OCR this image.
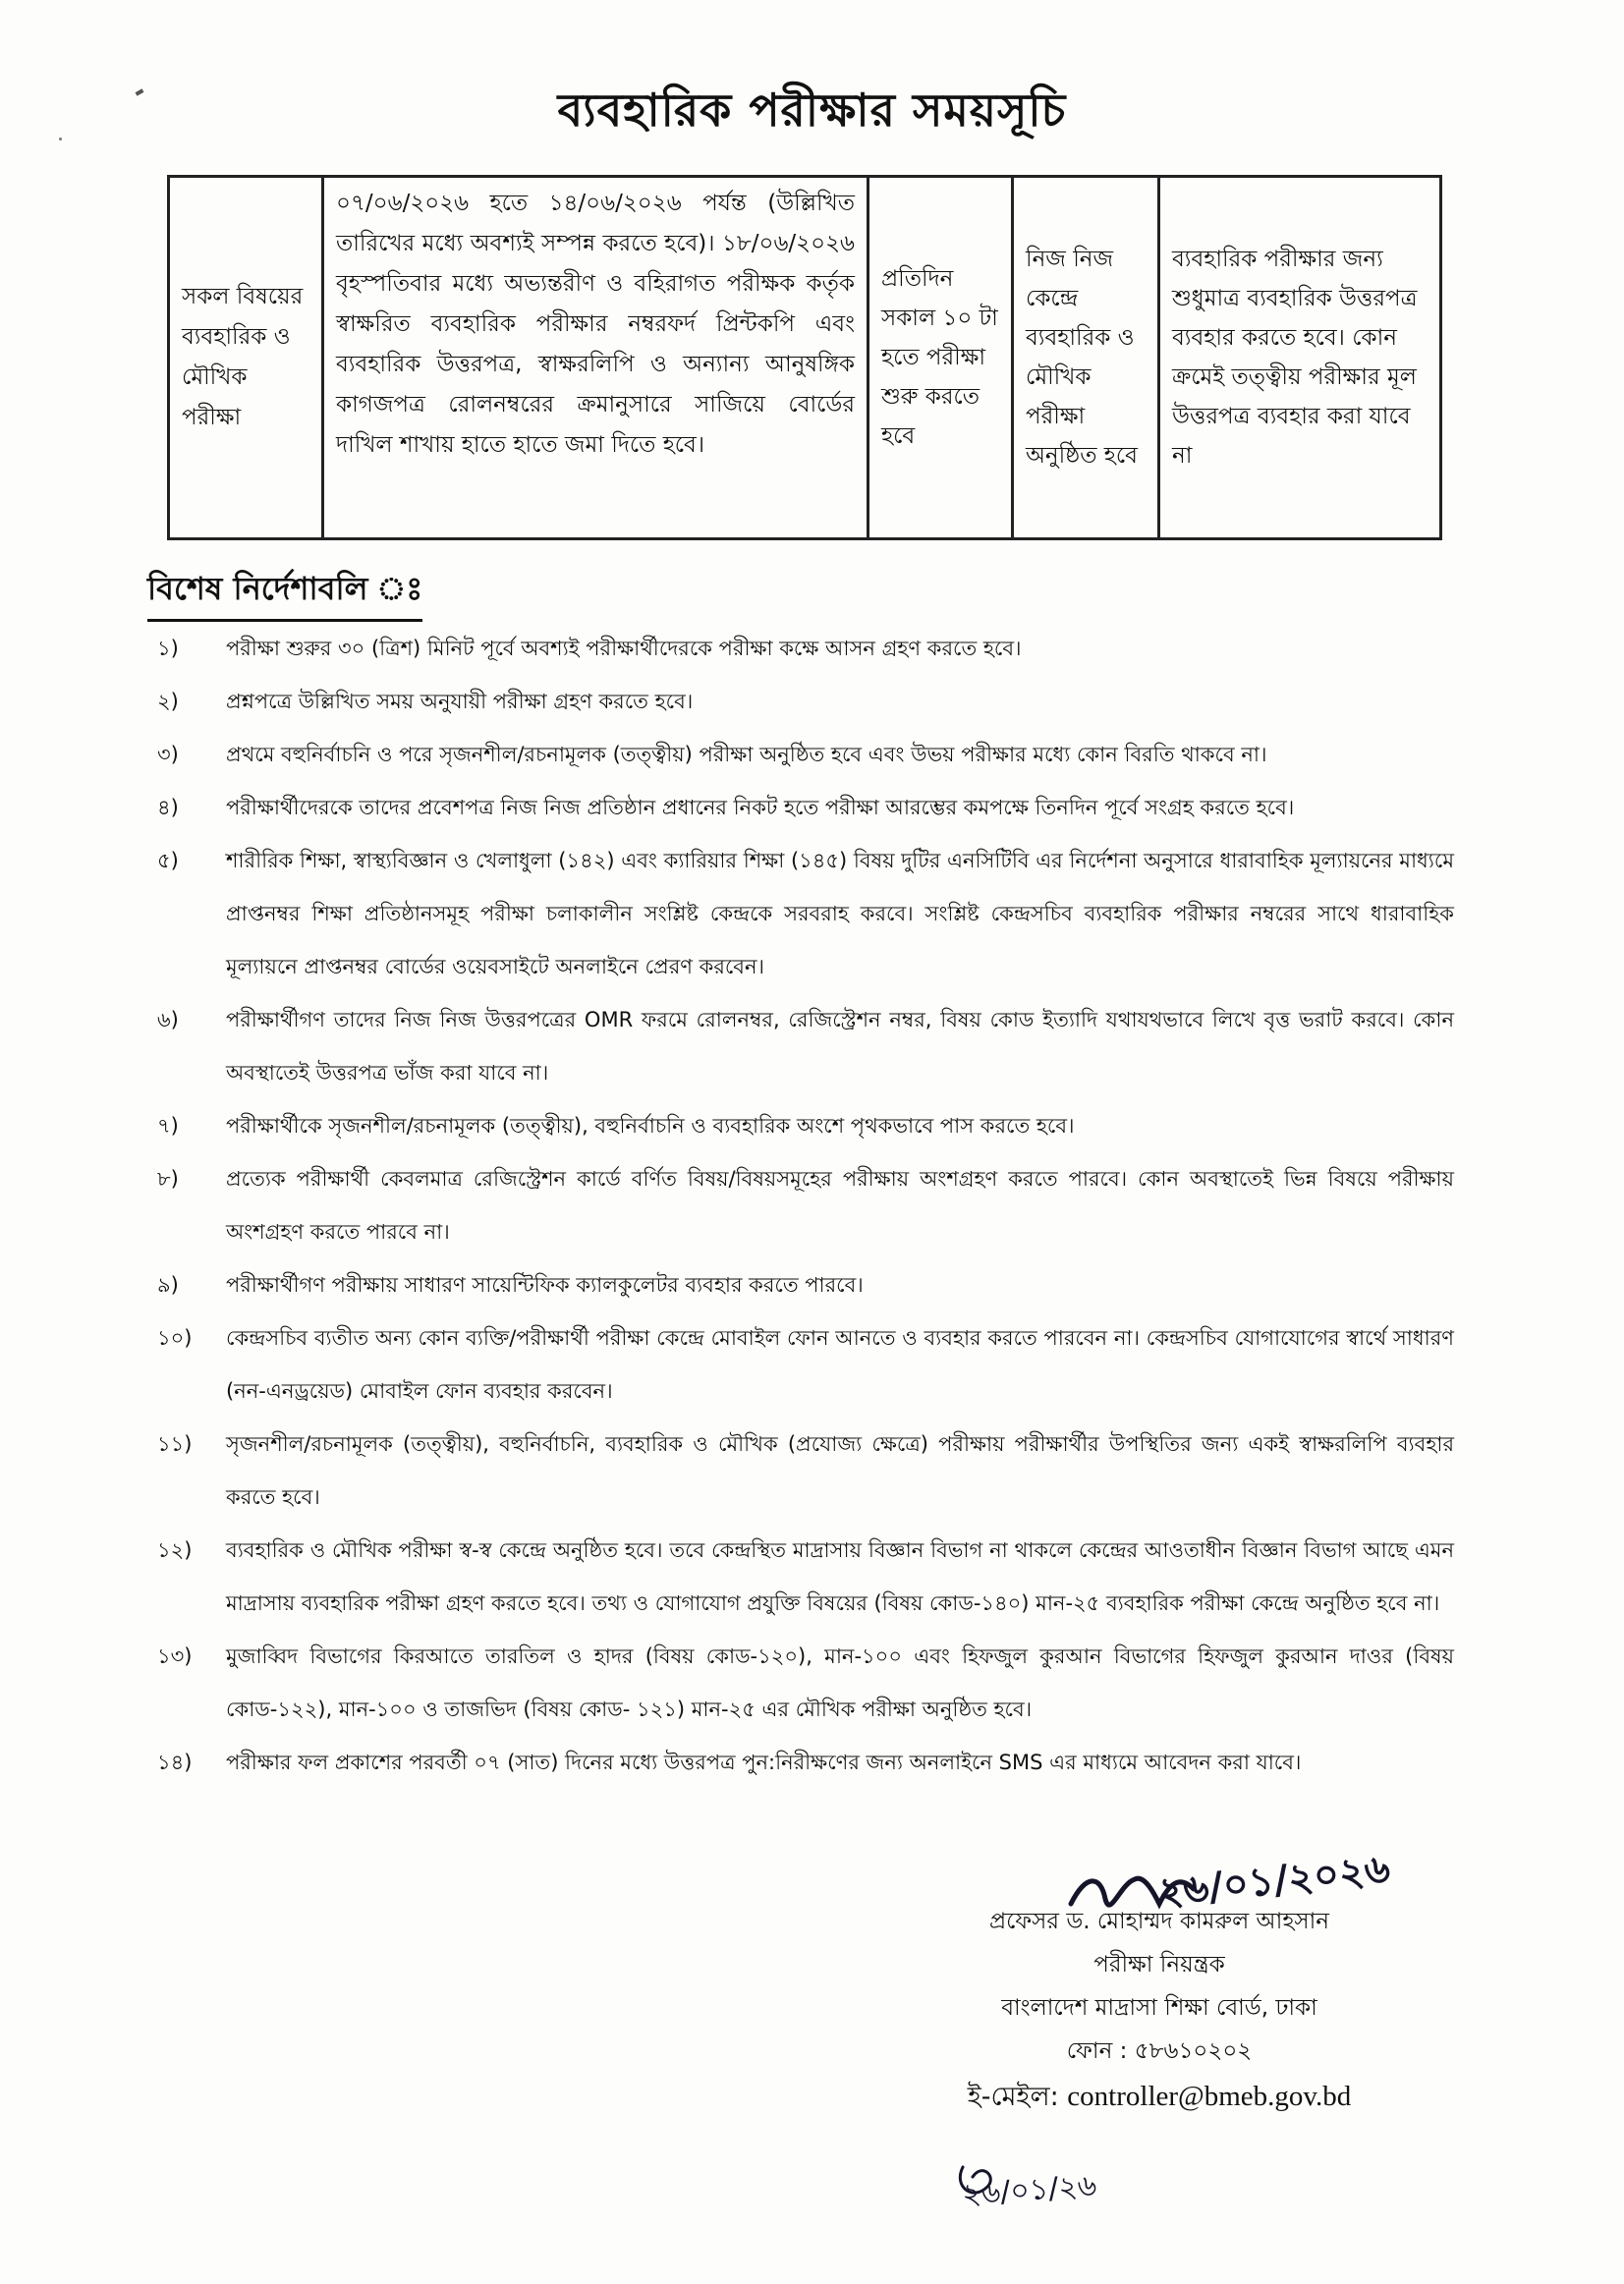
ব্যবহারিক পরীক্ষার সময়সূচি
সকল বিষয়ের ব্যবহারিক ও মৌখিক পরীক্ষা	০৭/০৬/২০২৬ হতে ১৪/০৬/২০২৬ পর্যন্ত (উল্লিখিত তারিখের মধ্যে অবশ্যই সম্পন্ন করতে হবে)। ১৮/০৬/২০২৬ বৃহস্পতিবার মধ্যে অভ্যন্তরীণ ও বহিরাগত পরীক্ষক কর্তৃক স্বাক্ষরিত ব্যবহারিক পরীক্ষার নম্বরফর্দ প্রিন্টকপি এবং ব্যবহারিক উত্তরপত্র, স্বাক্ষরলিপি ও অন্যান্য আনুষঙ্গিক কাগজপত্র রোলনম্বরের ক্রমানুসারে সাজিয়ে বোর্ডের দাখিল শাখায় হাতে হাতে জমা দিতে হবে।	প্রতিদিন সকাল ১০ টা হতে পরীক্ষা শুরু করতে হবে	নিজ নিজ কেন্দ্রে ব্যবহারিক ও মৌখিক পরীক্ষা অনুষ্ঠিত হবে	ব্যবহারিক পরীক্ষার জন্য শুধুমাত্র ব্যবহারিক উত্তরপত্র ব্যবহার করতে হবে। কোন ক্রমেই তত্ত্বীয় পরীক্ষার মূল উত্তরপত্র ব্যবহার করা যাবে না
বিশেষ নির্দেশাবলি ঃ
১)	পরীক্ষা শুরুর ৩০ (ত্রিশ) মিনিট পূর্বে অবশ্যই পরীক্ষার্থীদেরকে পরীক্ষা কক্ষে আসন গ্রহণ করতে হবে।
২)	প্রশ্নপত্রে উল্লিখিত সময় অনুযায়ী পরীক্ষা গ্রহণ করতে হবে।
৩)	প্রথমে বহুনির্বাচনি ও পরে সৃজনশীল/রচনামূলক (তত্ত্বীয়) পরীক্ষা অনুষ্ঠিত হবে এবং উভয় পরীক্ষার মধ্যে কোন বিরতি থাকবে না।
৪)	পরীক্ষার্থীদেরকে তাদের প্রবেশপত্র নিজ নিজ প্রতিষ্ঠান প্রধানের নিকট হতে পরীক্ষা আরম্ভের কমপক্ষে তিনদিন পূর্বে সংগ্রহ করতে হবে।
৫)	শারীরিক শিক্ষা, স্বাস্থ্যবিজ্ঞান ও খেলাধুলা (১৪২) এবং ক্যারিয়ার শিক্ষা (১৪৫) বিষয় দুটির এনসিটিবি এর নির্দেশনা অনুসারে ধারাবাহিক মূল্যায়নের মাধ্যমে প্রাপ্তনম্বর শিক্ষা প্রতিষ্ঠানসমূহ পরীক্ষা চলাকালীন সংশ্লিষ্ট কেন্দ্রকে সরবরাহ করবে। সংশ্লিষ্ট কেন্দ্রসচিব ব্যবহারিক পরীক্ষার নম্বরের সাথে ধারাবাহিক মূল্যায়নে প্রাপ্তনম্বর বোর্ডের ওয়েবসাইটে অনলাইনে প্রেরণ করবেন।
৬)	পরীক্ষার্থীগণ তাদের নিজ নিজ উত্তরপত্রের OMR ফরমে রোলনম্বর, রেজিস্ট্রেশন নম্বর, বিষয় কোড ইত্যাদি যথাযথভাবে লিখে বৃত্ত ভরাট করবে। কোন অবস্থাতেই উত্তরপত্র ভাঁজ করা যাবে না।
৭)	পরীক্ষার্থীকে সৃজনশীল/রচনামূলক (তত্ত্বীয়), বহুনির্বাচনি ও ব্যবহারিক অংশে পৃথকভাবে পাস করতে হবে।
৮)	প্রত্যেক পরীক্ষার্থী কেবলমাত্র রেজিস্ট্রেশন কার্ডে বর্ণিত বিষয়/বিষয়সমূহের পরীক্ষায় অংশগ্রহণ করতে পারবে। কোন অবস্থাতেই ভিন্ন বিষয়ে পরীক্ষায় অংশগ্রহণ করতে পারবে না।
৯)	পরীক্ষার্থীগণ পরীক্ষায় সাধারণ সায়েন্টিফিক ক্যালকুলেটর ব্যবহার করতে পারবে।
১০)	কেন্দ্রসচিব ব্যতীত অন্য কোন ব্যক্তি/পরীক্ষার্থী পরীক্ষা কেন্দ্রে মোবাইল ফোন আনতে ও ব্যবহার করতে পারবেন না। কেন্দ্রসচিব যোগাযোগের স্বার্থে সাধারণ (নন-এনড্রয়েড) মোবাইল ফোন ব্যবহার করবেন।
১১)	সৃজনশীল/রচনামূলক (তত্ত্বীয়), বহুনির্বাচনি, ব্যবহারিক ও মৌখিক (প্রযোজ্য ক্ষেত্রে) পরীক্ষায় পরীক্ষার্থীর উপস্থিতির জন্য একই স্বাক্ষরলিপি ব্যবহার করতে হবে।
১২)	ব্যবহারিক ও মৌখিক পরীক্ষা স্ব-স্ব কেন্দ্রে অনুষ্ঠিত হবে। তবে কেন্দ্রস্থিত মাদ্রাসায় বিজ্ঞান বিভাগ না থাকলে কেন্দ্রের আওতাধীন বিজ্ঞান বিভাগ আছে এমন মাদ্রাসায় ব্যবহারিক পরীক্ষা গ্রহণ করতে হবে। তথ্য ও যোগাযোগ প্রযুক্তি বিষয়ের (বিষয় কোড-১৪০) মান-২৫ ব্যবহারিক পরীক্ষা কেন্দ্রে অনুষ্ঠিত হবে না।
১৩)	মুজাব্বিদ বিভাগের কিরআতে তারতিল ও হাদর (বিষয় কোড-১২০), মান-১০০ এবং হিফজুল কুরআন বিভাগের হিফজুল কুরআন দাওর (বিষয় কোড-১২২), মান-১০০ ও তাজভিদ (বিষয় কোড- ১২১) মান-২৫ এর মৌখিক পরীক্ষা অনুষ্ঠিত হবে।
১৪)	পরীক্ষার ফল প্রকাশের পরবর্তী ০৭ (সাত) দিনের মধ্যে উত্তরপত্র পুন:নিরীক্ষণের জন্য অনলাইনে SMS এর মাধ্যমে আবেদন করা যাবে।
২৬/০১/২০২৬
প্রফেসর ড. মোহাম্মদ কামরুল আহসান
পরীক্ষা নিয়ন্ত্রক
বাংলাদেশ মাদ্রাসা শিক্ষা বোর্ড, ঢাকা
ফোন : ৫৮৬১০২০২
ই-মেইল: controller@bmeb.gov.bd
২৬/০১/২৬
